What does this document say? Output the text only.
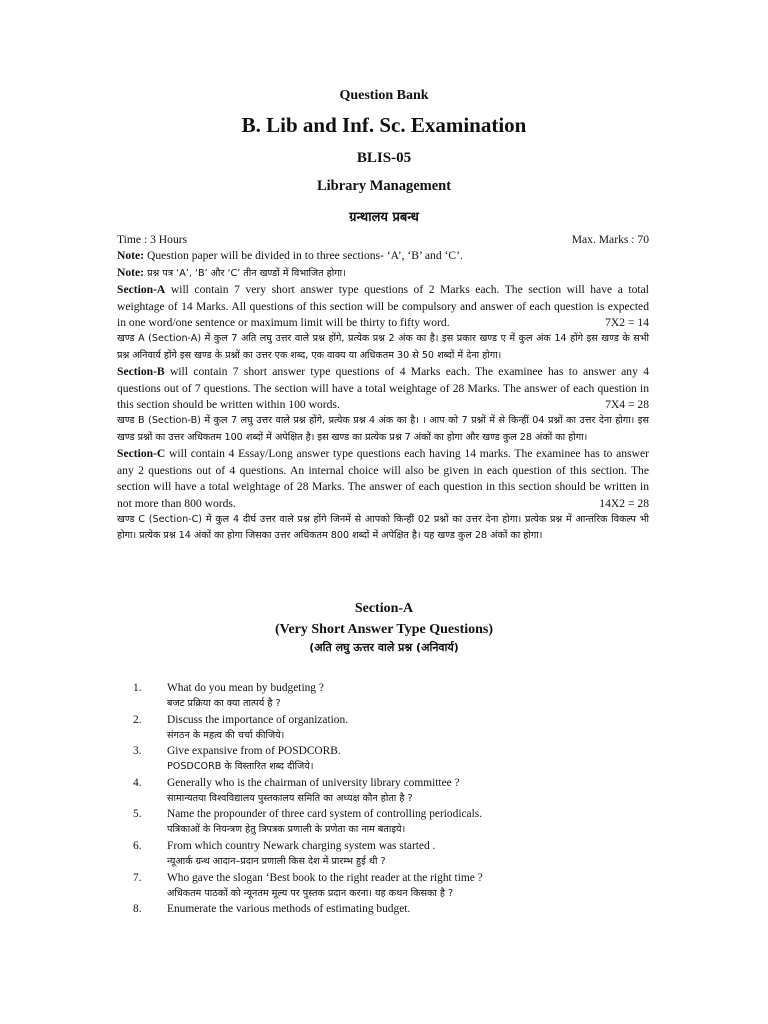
Question Bank
B. Lib and Inf. Sc. Examination
BLIS-05
Library Management
ग्रन्थालय प्रबन्ध
Time : 3 Hours	Max. Marks : 70
Note: Question paper will be divided in to three sections- ‘A’, ‘B’ and ‘C’.
Note: प्रश्न पत्र ‘A’, ‘B’ और ‘C’ तीन खण्डों में विभाजित होगा।
Section-A will contain 7 very short answer type questions of 2 Marks each. The section will have a total weightage of 14 Marks. All questions of this section will be compulsory and answer of each question is expected in one word/one sentence or maximum limit will be thirty to fifty word.	7X2 = 14
खण्ड A (Section-A) में कुल 7 अति लघु उत्तर वाले प्रश्न होंगे, प्रत्येक प्रश्न 2 अंक का है। इस प्रकार खण्ड ए में कुल अंक 14 होंगे इस खण्ड के सभी प्रश्न अनिवार्य होंगे इस खण्ड के प्रश्नों का उत्तर एक शब्द, एक वाक्य या अधिकतम 30 से 50 शब्दों में देना होगा।
Section-B will contain 7 short answer type questions of 4 Marks each. The examinee has to answer any 4 questions out of 7 questions. The section will have a total weightage of 28 Marks. The answer of each question in this section should be written within 100 words.	7X4 = 28
खण्ड B (Section-B) में कुल 7 लघु उत्तर वाले प्रश्न होंगे, प्रत्येक प्रश्न 4 अंक का है। । आप को 7 प्रश्नों में से किन्हीं 04 प्रश्नों का उत्तर देना होगा। इस खण्ड प्रश्नों का उत्तर अधिकतम 100 शब्दों में अपेक्षित है। इस खण्ड का प्रत्येक प्रश्न 7 अंकों का होगा और खण्ड कुल 28 अंकों का होगा।
Section-C will contain 4 Essay/Long answer type questions each having 14 marks. The examinee has to answer any 2 questions out of 4 questions. An internal choice will also be given in each question of this section. The section will have a total weightage of 28 Marks. The answer of each question in this section should be written in not more than 800 words.	14X2 = 28
खण्ड C (Section-C) में कुल 4 दीर्घ उत्तर वाले प्रश्न होंगे जिनमें से आपको किन्हीं 02 प्रश्नों का उत्तर देना होगा। प्रत्येक प्रश्न में आन्तरिक विकल्प भी होगा। प्रत्येक प्रश्न 14 अंकों का होगा जिसका उत्तर अधिकतम 800 शब्दों में अपेक्षित है। यह खण्ड कुल 28 अंकों का होगा।
Section-A
(Very Short Answer Type Questions)
(अति लघु ऊत्तर वाले प्रश्न (अनिवार्य)
1.	What do you mean by budgeting ?
बजट प्रक्रिया का क्या तात्पर्य है ?
2.	Discuss the importance of organization.
संगठन के महत्व की चर्चा कीजिये।
3.	Give expansive from of POSDCORB.
POSDCORB के विस्तारित शब्द दीजिये।
4.	Generally who is the chairman of university library committee ?
सामान्यतया विश्वविद्यालय पुस्तकालय समिति का अध्यक्ष कौन होता है ?
5.	Name the propounder of three card system of controlling periodicals.
पत्रिकाओं के नियन्त्रण हेतु त्रिपत्रक प्रणाली के प्रणेता का नाम बताइये।
6.	From which country Newark charging system was started .
न्यूआर्क ग्रन्थ आदान–प्रदान प्रणाली किस देश में प्रारम्भ हुई थी ?
7.	Who gave the slogan ‘Best book to the right reader at the right time ?
अधिकतम पाठकों को न्यूनतम मूल्य पर पुस्तक प्रदान करना। यह कथन किसका है ?
8.	Enumerate the various methods of estimating budget.
